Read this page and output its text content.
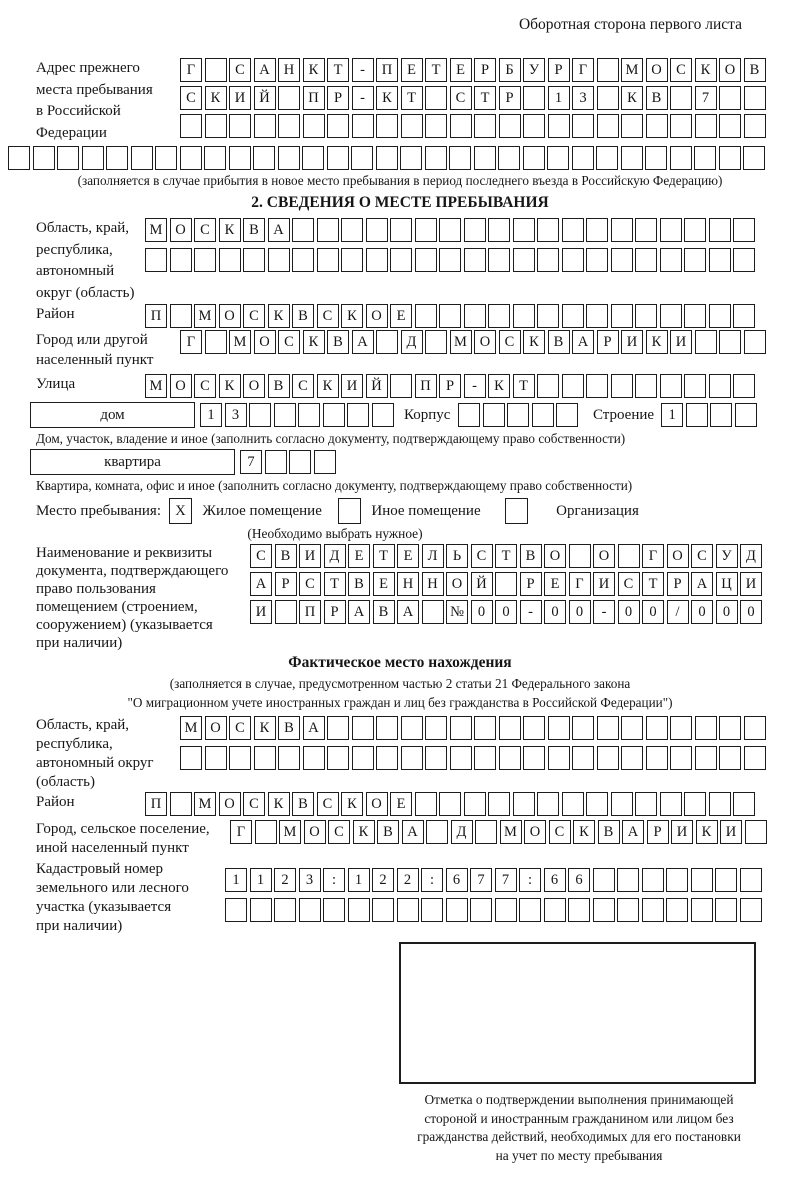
Оборотная сторона первого листа
Адрес прежнего
места пребывания
в Российской
Федерации
Г	С А Н К	Т	-	П	Е	Т	Е	Р	Б	У	Р	Г	М О С	К О В
С	К И Й	П	Р	-	К	Т	С	Т	Р	1	3	К	В	7
(заполняется в случае прибытия в новое место пребывания в период последнего въезда в Российскую Федерацию)
2. СВЕДЕНИЯ О МЕСТЕ ПРЕБЫВАНИЯ
Область, край,
республика,
автономный
округ (область)
М О С	К	В А
Район	П	М О С	К	В	С	К О	Е
Город или другой
населенный пункт
Г	М О С	К	В А	Д	М О С	К	В А	Р	И К И
Улица	М О С	К О В	С	К И Й	П	Р	-	К	Т
дом	1	3	Корпус	Строение 1
Дом, участок, владение и иное (заполнить согласно документу, подтверждающему право собственности)
квартира	7
Квартира, комната, офис и иное (заполнить согласно документу, подтверждающему право собственности)
Место пребывания: X	Жилое помещение	Иное помещение	Организация
(Необходимо выбрать нужное)
Наименование и реквизиты
документа, подтверждающего
право пользования
помещением (строением,
сооружением) (указывается
при наличии)
С	В И Д	Е	Т	Е	Л	Ь	С	Т	В О	О	Г	О С	У Д
А	Р	С	Т	В	Е	Н Н О Й	Р	Е	Г	И С	Т	Р	А Ц И
И	П	Р	А В А	№ 0	0	-	0	0	-	0	0	/	0	0	0
Фактическое место нахождения
(заполняется в случае, предусмотренном частью 2 статьи 21 Федерального закона
"О миграционном учете иностранных граждан и лиц без гражданства в Российской Федерации")
Область, край,
республика,
автономный округ
(область)
М О С	К	В А
Район	П	М О С	К	В	С	К О	Е
Город, сельское поселение,
иной населенный пункт
Г	М О С	К	В А	Д	М О С	К	В А	Р	И К И
Кадастровый номер
земельного или лесного
участка (указывается
при наличии)
1	1	2	3	:	1	2	2	:	6	7	7	:	6	6
Отметка о подтверждении выполнения принимающей
стороной и иностранным гражданином или лицом без
гражданства действий, необходимых для его постановки
на учет по месту пребывания
